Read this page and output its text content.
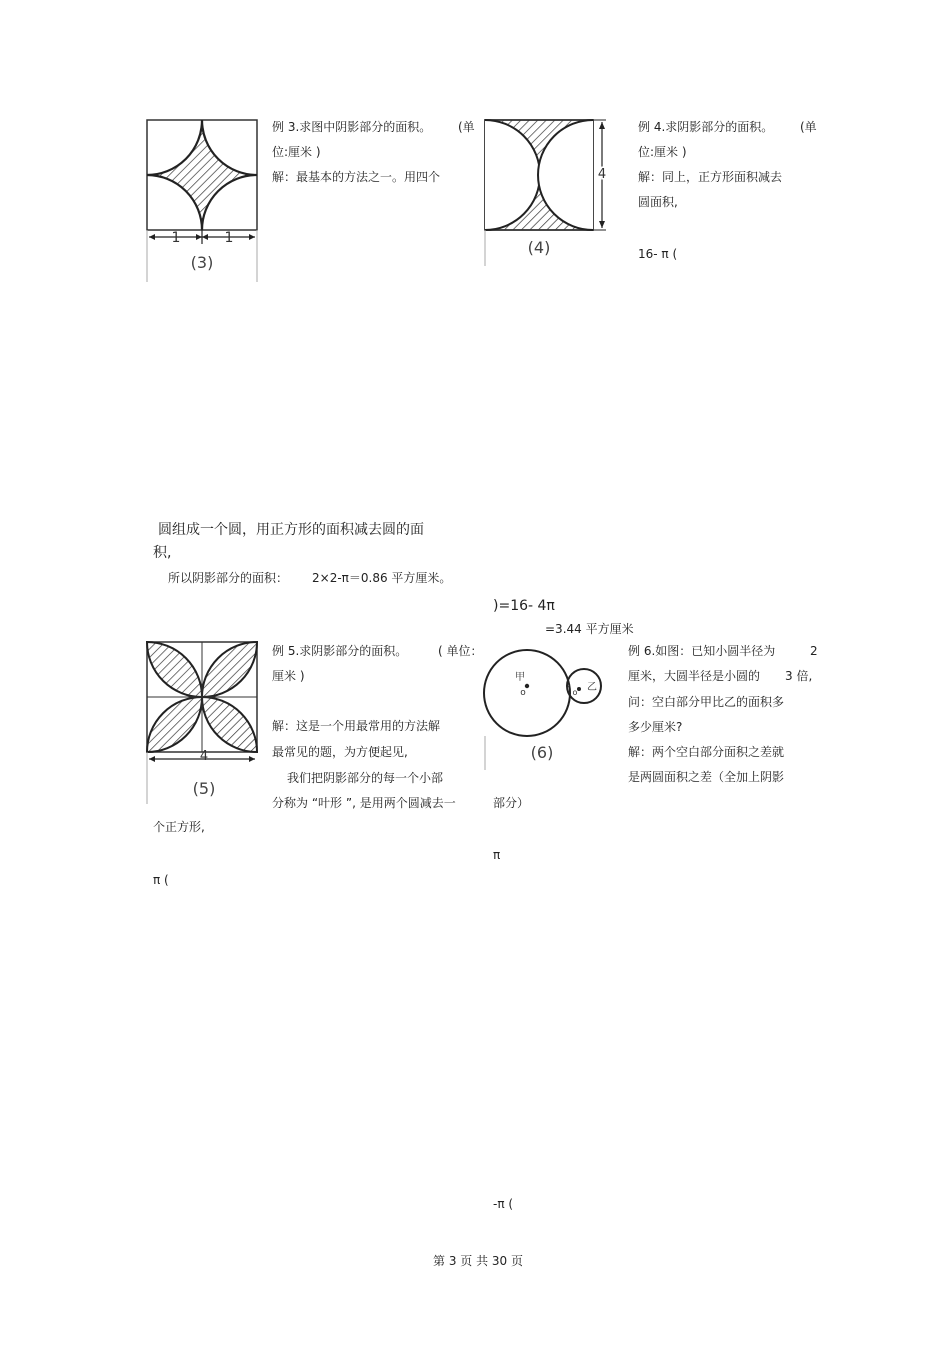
1	1
(3)
例 3.求图中阴影部分的面积。 (单
位:厘米 )
解：最基本的方法之一。用四个	4
(4)
例 4.求阴影部分的面积。 (单
位:厘米 )
解：同上，正方形面积减去
圆面积,
16- π (
圆组成一个圆，用正方形的面积减去圆的面
积,
所以阴影部分的面积： 2×2-π＝0.86 平方厘米。
)=16- 4π
=3.44 平方厘米
4
(5)
例 5.求阴影部分的面积。	( 单位：
厘米 )
解：这是一个用最常用的方法解
最常见的题，为方便起见,
我们把阴影部分的每一个小部
分称为 “叶形 ”, 是用两个圆减去一
个正方形,
π (
甲
o	o 乙
(6)
例 6.如图：已知小圆半径为	2
厘米，大圆半径是小圆的 3 倍,
问：空白部分甲比乙的面积多
多少厘米?
解：两个空白部分面积之差就
是两圆面积之差（全加上阴影
部分）
π
-π (
第 3 页 共 30 页
